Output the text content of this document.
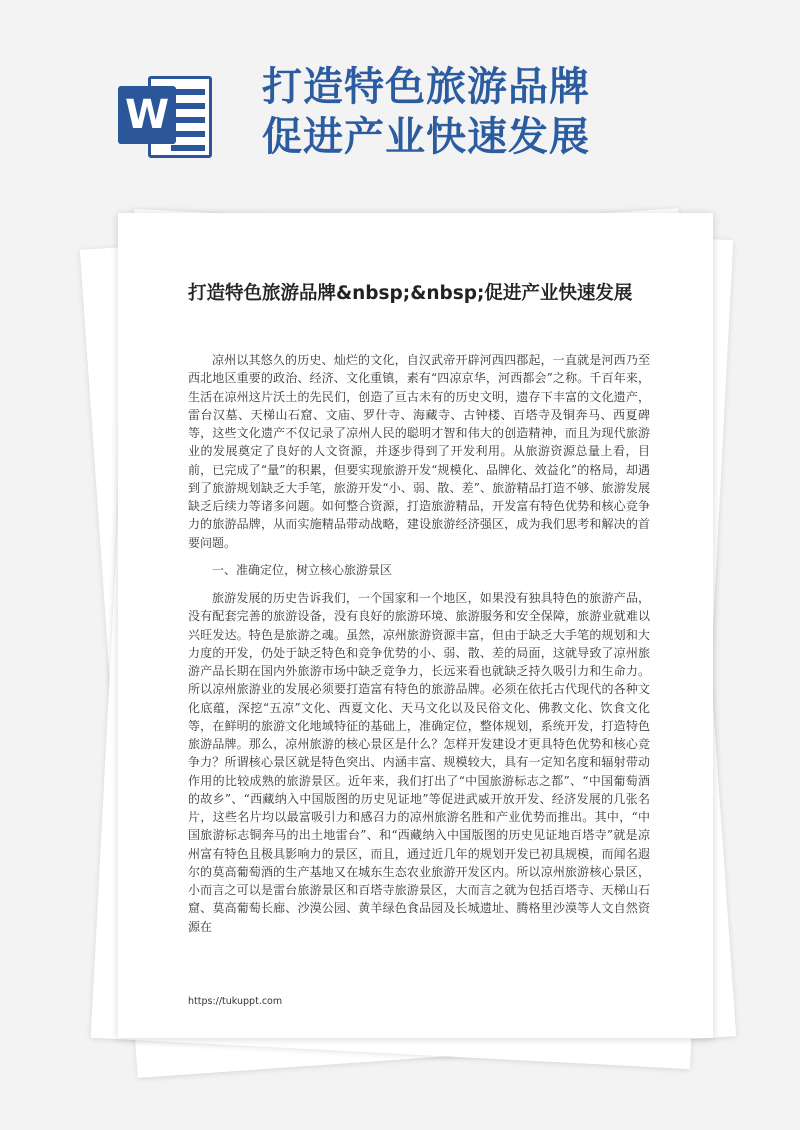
W
打造特色旅游品牌
促进产业快速发展
打造特色旅游品牌&nbsp;&nbsp;促进产业快速发展

凉州以其悠久的历史、灿烂的文化，自汉武帝开辟河西四郡起，一直就是河西乃至西北地区重要的政治、经济、文化重镇，素有“四凉京华，河西都会”之称。千百年来，生活在凉州这片沃土的先民们，创造了亘古未有的历史文明，遗存下丰富的文化遗产，雷台汉墓、天梯山石窟、文庙、罗什寺、海藏寺、古钟楼、百塔寺及铜奔马、西夏碑等，这些文化遗产不仅记录了凉州人民的聪明才智和伟大的创造精神，而且为现代旅游业的发展奠定了良好的人文资源，并逐步得到了开发利用。从旅游资源总量上看，目前，已完成了“量”的积累，但要实现旅游开发“规模化、品牌化、效益化”的格局，却遇到了旅游规划缺乏大手笔，旅游开发“小、弱、散、差”、旅游精品打造不够、旅游发展缺乏后续力等诸多问题。如何整合资源，打造旅游精品，开发富有特色优势和核心竞争力的旅游品牌，从而实施精品带动战略，建设旅游经济强区，成为我们思考和解决的首要问题。

一、准确定位，树立核心旅游景区

旅游发展的历史告诉我们，一个国家和一个地区，如果没有独具特色的旅游产品，没有配套完善的旅游设备，没有良好的旅游环境、旅游服务和安全保障，旅游业就难以兴旺发达。特色是旅游之魂。虽然，凉州旅游资源丰富，但由于缺乏大手笔的规划和大力度的开发，仍处于缺乏特色和竞争优势的小、弱、散、差的局面，这就导致了凉州旅游产品长期在国内外旅游市场中缺乏竞争力，长远来看也就缺乏持久吸引力和生命力。所以凉州旅游业的发展必须要打造富有特色的旅游品牌。必须在依托古代现代的各种文化底蕴，深挖“五凉”文化、西夏文化、天马文化以及民俗文化、佛教文化、饮食文化等，在鲜明的旅游文化地域特征的基础上，准确定位，整体规划，系统开发，打造特色旅游品牌。那么，凉州旅游的核心景区是什么？怎样开发建设才更具特色优势和核心竞争力？所谓核心景区就是特色突出、内涵丰富、规模较大，具有一定知名度和辐射带动作用的比较成熟的旅游景区。近年来，我们打出了“中国旅游标志之都”、“中国葡萄酒的故乡”、“西藏纳入中国版图的历史见证地”等促进武威开放开发、经济发展的几张名片，这些名片均以最富吸引力和感召力的凉州旅游名胜和产业优势而推出。其中，“中国旅游标志铜奔马的出土地雷台”、和“西藏纳入中国版图的历史见证地百塔寺”就是凉州富有特色且极具影响力的景区，而且，通过近几年的规划开发已初具规模，而闻名遐尔的莫高葡萄酒的生产基地又在城东生态农业旅游开发区内。所以凉州旅游核心景区，小而言之可以是雷台旅游景区和百塔寺旅游景区，大而言之就为包括百塔寺、天梯山石窟、莫高葡萄长廊、沙漠公园、黄羊绿色食品园及长城遗址、腾格里沙漠等人文自然资源在

https://tukuppt.com
